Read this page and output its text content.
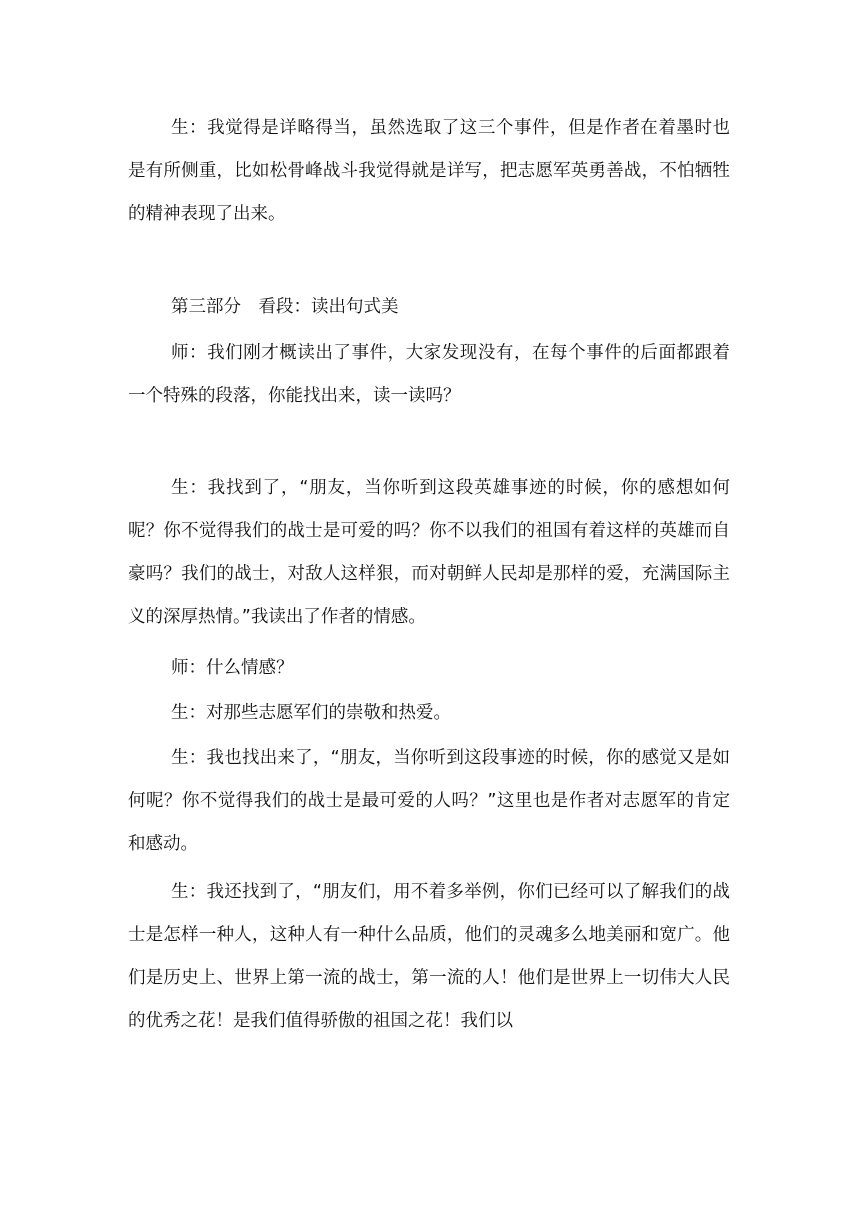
生：我觉得是详略得当，虽然选取了这三个事件，但是作者在着墨时也是有所侧重，比如松骨峰战斗我觉得就是详写，把志愿军英勇善战，不怕牺牲的精神表现了出来。

第三部分　看段：读出句式美

师：我们刚才概读出了事件，大家发现没有，在每个事件的后面都跟着一个特殊的段落，你能找出来，读一读吗？

生：我找到了，“朋友，当你听到这段英雄事迹的时候，你的感想如何呢？你不觉得我们的战士是可爱的吗？你不以我们的祖国有着这样的英雄而自豪吗？我们的战士，对敌人这样狠，而对朝鲜人民却是那样的爱，充满国际主义的深厚热情。”我读出了作者的情感。

师：什么情感？

生：对那些志愿军们的崇敬和热爱。

生：我也找出来了，“朋友，当你听到这段事迹的时候，你的感觉又是如何呢？你不觉得我们的战士是最可爱的人吗？”这里也是作者对志愿军的肯定和感动。

生：我还找到了，“朋友们，用不着多举例，你们已经可以了解我们的战士是怎样一种人，这种人有一种什么品质，他们的灵魂多么地美丽和宽广。他们是历史上、世界上第一流的战士，第一流的人！他们是世界上一切伟大人民的优秀之花！是我们值得骄傲的祖国之花！我们以
